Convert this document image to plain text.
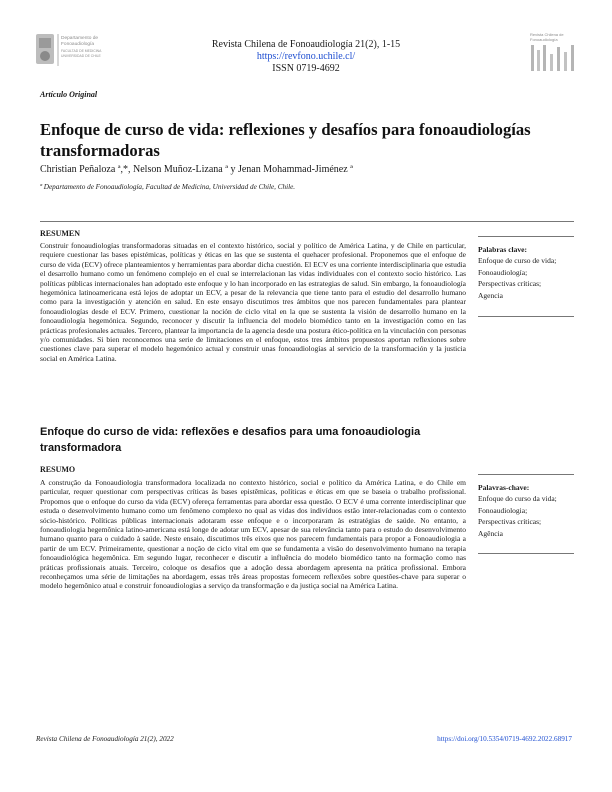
Departamento de
Fonoaudiología
FACULTAD DE MEDICINA
UNIVERSIDAD DE CHILE
Revista Chilena de
Fonoaudiología
Revista Chilena de Fonoaudiología 21(2), 1-15
https://revfono.uchile.cl/
ISSN 0719-4692
Artículo Original
Enfoque de curso de vida: reflexiones y desafíos para fonoaudiologías transformadoras
Christian Peñaloza ª,*, Nelson Muñoz-Lizana ª y Jenan Mohammad-Jiménez ª
ª Departamento de Fonoaudiología, Facultad de Medicina, Universidad de Chile, Chile.
RESUMEN
Construir fonoaudiologías transformadoras situadas en el contexto histórico, social y político de América Latina, y de Chile en particular, requiere cuestionar las bases epistémicas, políticas y éticas en las que se sustenta el quehacer profesional. Proponemos que el enfoque de curso de vida (ECV) ofrece planteamientos y herramientas para abordar dicha cuestión. El ECV es una corriente interdisciplinaria que estudia el desarrollo humano como un fenómeno complejo en el cual se interrelacionan las vidas individuales con el contexto socio histórico. Las políticas públicas internacionales han adoptado este enfoque y lo han incorporado en las estrategias de salud. Sin embargo, la fonoaudiología hegemónica latinoamericana está lejos de adoptar un ECV, a pesar de la relevancia que tiene tanto para el estudio del desarrollo humano como para la investigación y atención en salud. En este ensayo discutimos tres ámbitos que nos parecen fundamentales para plantear fonoaudiologías desde el ECV. Primero, cuestionar la noción de ciclo vital en la que se sustenta la visión de desarrollo humano en la fonoaudiología hegemónica. Segundo, reconocer y discutir la influencia del modelo biomédico tanto en la investigación como en las prácticas profesionales actuales. Tercero, plantear la importancia de la agencia desde una postura ético-política en la vinculación con personas y/o comunidades. Si bien reconocemos una serie de limitaciones en el enfoque, estos tres ámbitos propuestos aportan reflexiones sobre cuestiones clave para superar el modelo hegemónico actual y construir unas fonoaudiologías al servicio de la transformación y la justicia social en América Latina.
Palabras clave:
Enfoque de curso de vida;
Fonoaudiología;
Perspectivas críticas;
Agencia
Enfoque do curso de vida: reflexões e desafios para uma fonoaudiologia transformadora
RESUMO
A construção da Fonoaudiologia transformadora localizada no contexto histórico, social e político da América Latina, e do Chile em particular, requer questionar com perspectivas críticas às bases epistêmicas, políticas e éticas em que se baseia o trabalho profissional. Propomos que o enfoque do curso da vida (ECV) ofereça ferramentas para abordar essa questão. O ECV é uma corrente interdisciplinar que estuda o desenvolvimento humano como um fenômeno complexo no qual as vidas dos indivíduos estão inter-relacionadas com o contexto sócio-histórico. Políticas públicas internacionais adotaram esse enfoque e o incorporaram às estratégias de saúde. No entanto, a fonoaudiologia hegemônica latino-americana está longe de adotar um ECV, apesar de sua relevância tanto para o estudo do desenvolvimento humano quanto para o cuidado à saúde. Neste ensaio, discutimos três eixos que nos parecem fundamentais para propor a Fonoaudiologia a partir de um ECV. Primeiramente, questionar a noção de ciclo vital em que se fundamenta a visão do desenvolvimento humano na terapia fonoaudiológica hegemônica. Em segundo lugar, reconhecer e discutir a influência do modelo biomédico tanto na formação como nas práticas profissionais atuais. Terceiro, coloque os desafios que a adoção dessa abordagem apresenta na prática profissional. Embora reconheçamos uma série de limitações na abordagem, essas três áreas propostas fornecem reflexões sobre questões-chave para superar o modelo hegemônico atual e construir fonoaudiologias a serviço da transformação e da justiça social na América Latina.
Palavras-chave:
Enfoque do curso da vida;
Fonoaudiologia;
Perspectivas críticas;
Agência
Revista Chilena de Fonoaudiología 21(2), 2022	https://doi.org/10.5354/0719-4692.2022.68917
